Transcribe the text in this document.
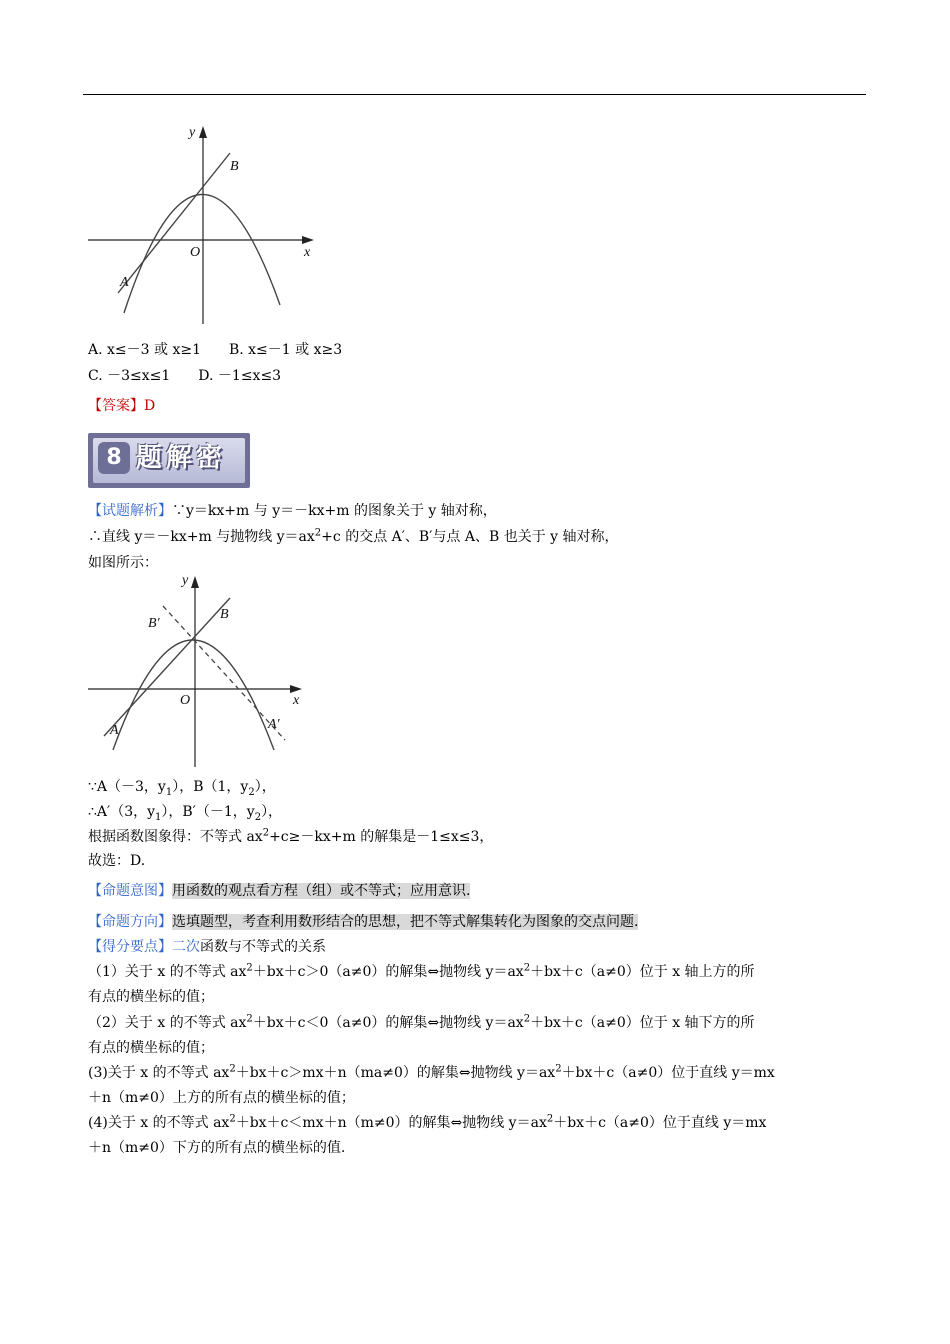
y
x
O
A
B
A. x≤－3 或 x≥1　　B. x≤－1 或 x≥3
C. －3≤x≤1　　D. －1≤x≤3
【答案】D
8 题解密
【试题解析】∵y＝kx+m 与 y＝－kx+m 的图象关于 y 轴对称，
∴直线 y＝－kx+m 与抛物线 $y=ax^2+c$ 的交点 A′、B′与点 A、B 也关于 y 轴对称，
如图所示：
y
x
O
A
B
A′
B′
∵A（－3，$y_1$），B（1，$y_2$），
∴A′（3，$y_1$），B′（－1，$y_2$），
根据函数图象得：不等式 $ax^2+c\ge-kx+m$ 的解集是－1≤x≤3，
故选：D.
【命题意图】用函数的观点看方程（组）或不等式；应用意识.
【命题方向】选填题型，考查利用数形结合的思想，把不等式解集转化为图象的交点问题.
【得分要点】二次函数与不等式的关系
（1）关于 x 的不等式 $ax^2+bx+c>0(a\ne 0)$的解集⇔抛物线 $y=ax^2+bx+c(a\ne 0)$位于 x 轴上方的所
有点的横坐标的值；
（2）关于 x 的不等式 $ax^2+bx+c<0(a\ne 0)$的解集⇔抛物线 $y=ax^2+bx+c(a\ne 0)$位于 x 轴下方的所
有点的横坐标的值；
(3)关于 x 的不等式 $ax^2+bx+c>mx+n(ma\ne 0)$的解集⇔抛物线 $y=ax^2+bx+c(a\ne 0)$位于直线 y＝mx
＋n（m≠0）上方的所有点的横坐标的值；
(4)关于 x 的不等式 $ax^2+bx+c<mx+n(m\ne 0)$的解集⇔抛物线 $y=ax^2+bx+c(a\ne 0)$位于直线 y＝mx
＋n（m≠0）下方的所有点的横坐标的值.
